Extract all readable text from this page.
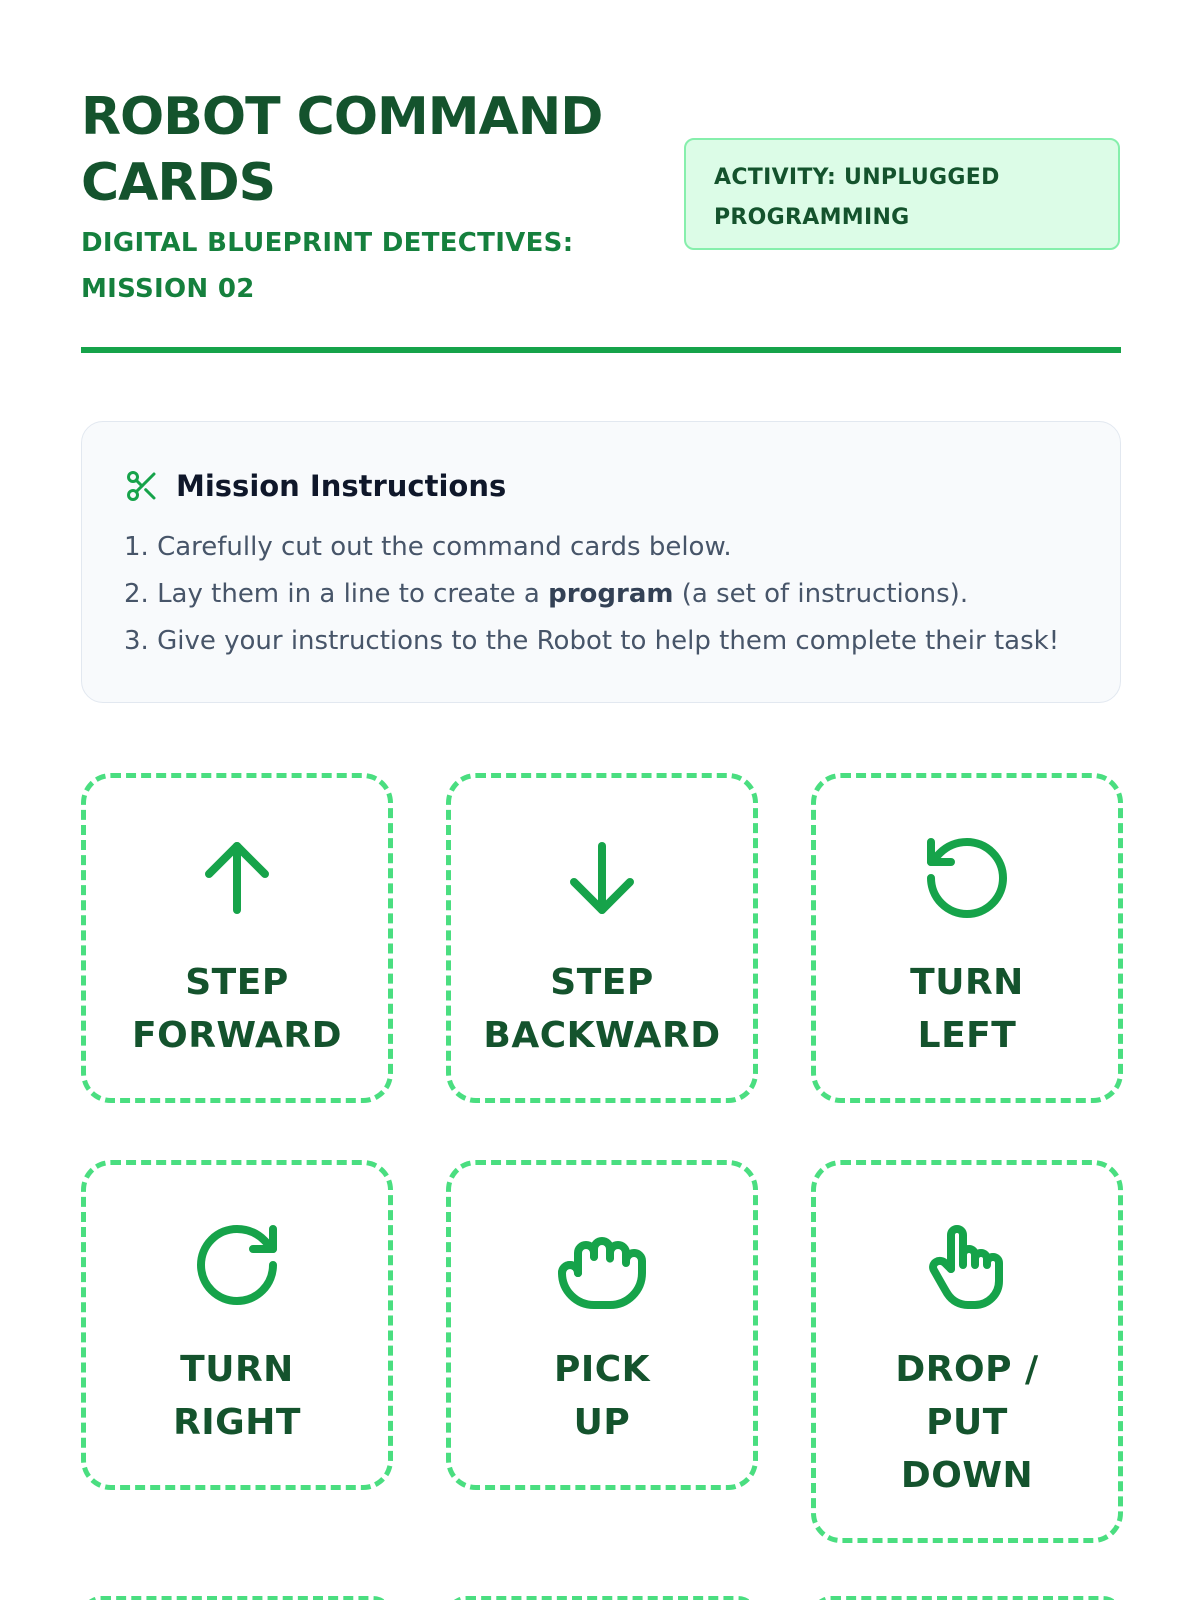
ROBOT COMMAND CARDS
DIGITAL BLUEPRINT DETECTIVES: MISSION 02
ACTIVITY: UNPLUGGED PROGRAMMING
Mission Instructions
1. Carefully cut out the command cards below.
2. Lay them in a line to create a program (a set of instructions).
3. Give your instructions to the Robot to help them complete their task!
STEP
FORWARD
STEP
BACKWARD
TURN
LEFT
TURN
RIGHT
PICK
UP
DROP /
PUT
DOWN
